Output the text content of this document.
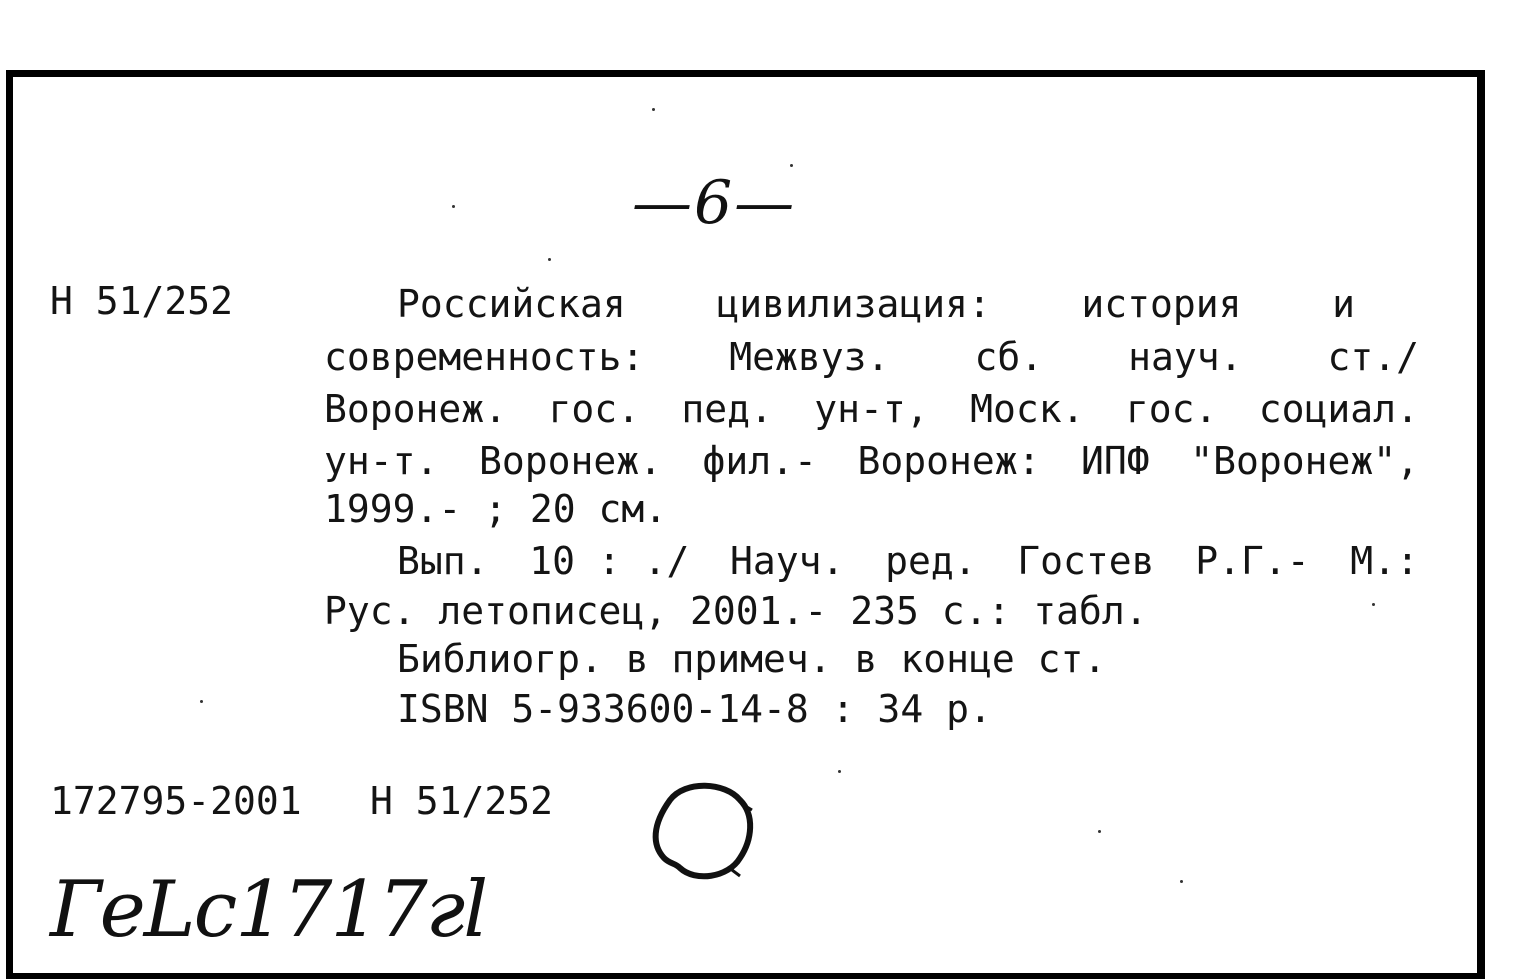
—6—
Н 51/252	Российская цивилизация: история и
современность: Межвуз. сб. науч. ст./
Воронеж. гос. пед. ун-т, Моск. гос. социал.
ун-т. Воронеж. фил.- Воронеж: ИПФ "Воронеж",
1999.- ; 20 см.
Вып. 10 : ./ Науч. ред. Гостев Р.Г.- М.:
Рус. летописец, 2001.- 235 с.: табл.
Библиогр. в примеч. в конце ст.
ISBN 5-933600-14-8 : 34 р.
172795-2001 Н 51/252
ГеLс1717гl
